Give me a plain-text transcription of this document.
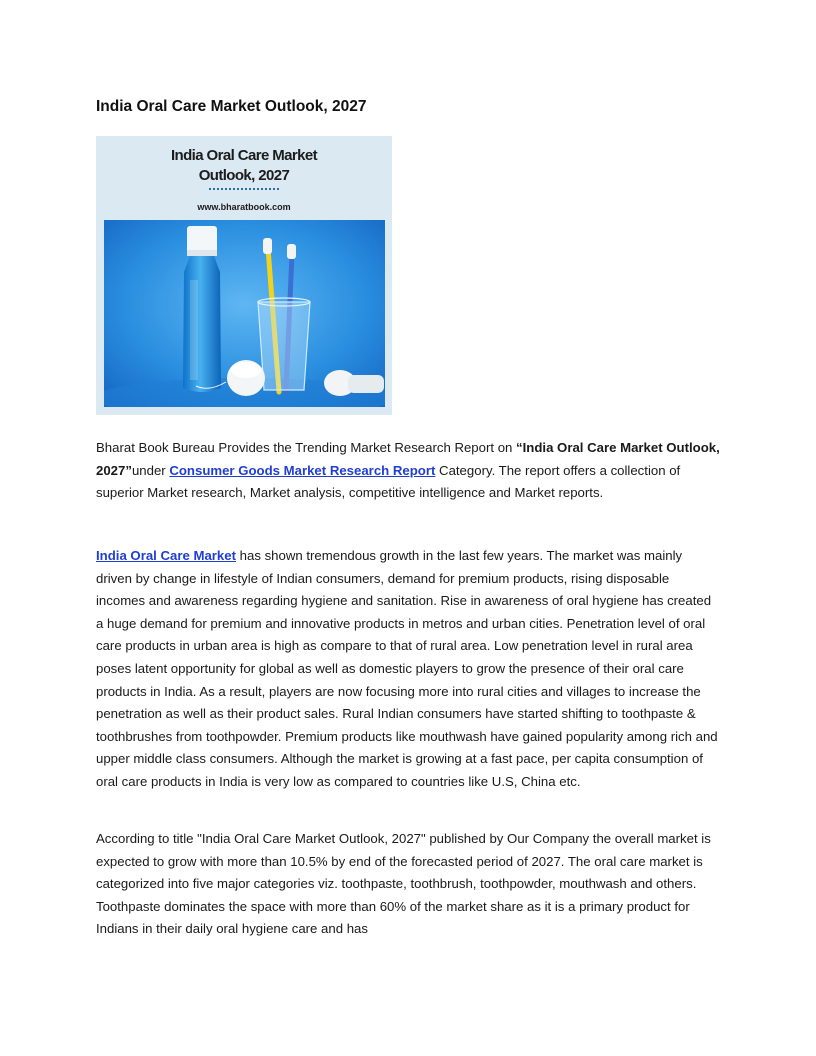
India Oral Care Market Outlook, 2027
India Oral Care Market
Outlook, 2027
www.bharatbook.com
Bharat Book Bureau Provides the Trending Market Research Report on “India Oral Care Market Outlook, 2027”under Consumer Goods Market Research Report Category. The report offers a collection of superior Market research, Market analysis, competitive intelligence and Market reports.
India Oral Care Market has shown tremendous growth in the last few years. The market was mainly driven by change in lifestyle of Indian consumers, demand for premium products, rising disposable incomes and awareness regarding hygiene and sanitation. Rise in awareness of oral hygiene has created a huge demand for premium and innovative products in metros and urban cities. Penetration level of oral care products in urban area is high as compare to that of rural area. Low penetration level in rural area poses latent opportunity for global as well as domestic players to grow the presence of their oral care products in India. As a result, players are now focusing more into rural cities and villages to increase the penetration as well as their product sales. Rural Indian consumers have started shifting to toothpaste & toothbrushes from toothpowder. Premium products like mouthwash have gained popularity among rich and upper middle class consumers. Although the market is growing at a fast pace, per capita consumption of oral care products in India is very low as compared to countries like U.S, China etc.
According to title "India Oral Care Market Outlook, 2027" published by Our Company the overall market is expected to grow with more than 10.5% by end of the forecasted period of 2027. The oral care market is categorized into five major categories viz. toothpaste, toothbrush, toothpowder, mouthwash and others. Toothpaste dominates the space with more than 60% of the market share as it is a primary product for Indians in their daily oral hygiene care and has
